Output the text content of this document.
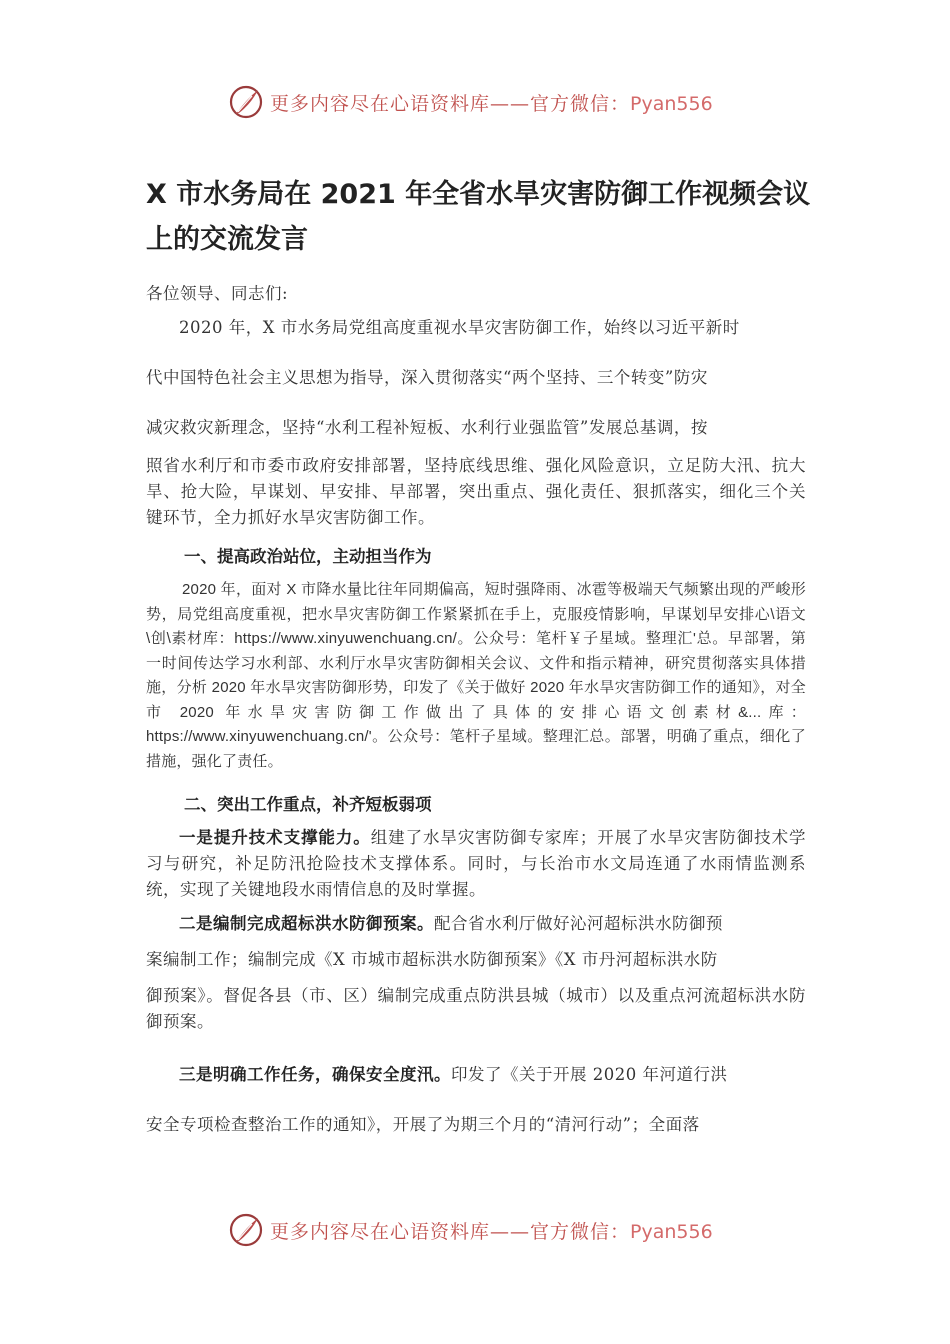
更多内容尽在心语资料库——官方微信：Pyan556
X 市水务局在 2021 年全省水旱灾害防御工作视频会议上的交流发言

各位领导、同志们:

2020 年，X 市水务局党组高度重视水旱灾害防御工作，始终以习近平新时
代中国特色社会主义思想为指导，深入贯彻落实“两个坚持、三个转变”防灾
减灾救灾新理念，坚持“水利工程补短板、水利行业强监管”发展总基调，按
照省水利厅和市委市政府安排部署，坚持底线思维、强化风险意识，立足防大汛、抗大旱、抢大险，早谋划、早安排、早部署，突出重点、强化责任、狠抓落实，细化三个关键环节，全力抓好水旱灾害防御工作。

一、提高政治站位，主动担当作为

2020 年，面对 X 市降水量比往年同期偏高，短时强降雨、冰雹等极端天气频繁出现的严峻形势，局党组高度重视，把水旱灾害防御工作紧紧抓在手上，克服疫情影响，早谋划早安排心\语文\创\素材库：https://www.xinyuwenchuang.cn/。公众号：笔杆￥子星域。整理汇'总。早部署，第一时间传达学习水利部、水利厅水旱灾害防御相关会议、文件和指示精神，研究贯彻落实具体措施，分析 2020 年水旱灾害防御形势，印发了《关于做好 2020 年水旱灾害防御工作的通知》，对全市 2020 年水旱灾害防御工作做出了具体的安排心语文创素材&...库：https://www.xinyuwenchuang.cn/'。公众号：笔杆子星域。整理汇总。部署，明确了重点，细化了措施，强化了责任。

二、突出工作重点，补齐短板弱项

一是提升技术支撑能力。组建了水旱灾害防御专家库；开展了水旱灾害防御技术学习与研究，补足防汛抢险技术支撑体系。同时，与长治市水文局连通了水雨情监测系统，实现了关键地段水雨情信息的及时掌握。

二是编制完成超标洪水防御预案。配合省水利厅做好沁河超标洪水防御预
案编制工作；编制完成《X 市城市超标洪水防御预案》《X 市丹河超标洪水防
御预案》。督促各县（市、区）编制完成重点防洪县城（城市）以及重点河流超标洪水防御预案。

三是明确工作任务，确保安全度汛。印发了《关于开展 2020 年河道行洪
安全专项检查整治工作的通知》，开展了为期三个月的“清河行动”；全面落

更多内容尽在心语资料库——官方微信：Pyan556
